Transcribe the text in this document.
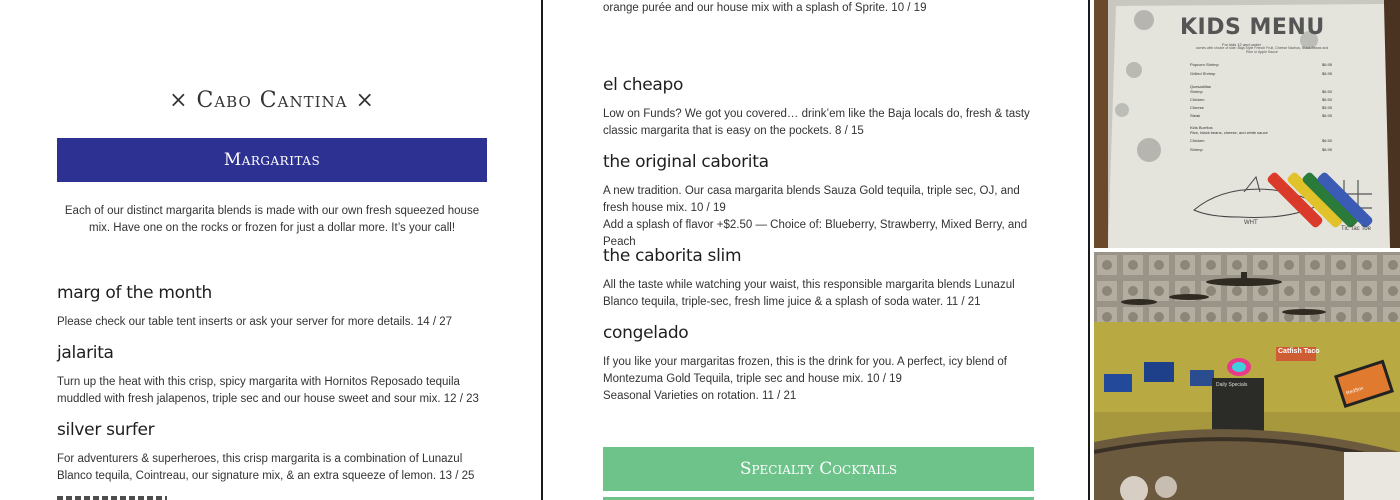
× Cabo Cantina ×
Margaritas
Each of our distinct margarita blends is made with our own fresh squeezed house mix. Have one on the rocks or frozen for just a dollar more. It’s your call!
marg of the month
Please check our table tent inserts or ask your server for more details. 14 / 27
jalarita
Turn up the heat with this crisp, spicy margarita with Hornitos Reposado tequila muddled with fresh jalapenos, triple sec and our house sweet and sour mix. 12 / 23
silver surfer
For adventurers & superheroes, this crisp margarita is a combination of Lunazul Blanco tequila, Cointreau, our signature mix, & an extra squeeze of lemon. 13 / 25
orange purée and our house mix with a splash of Sprite. 10 / 19
el cheapo
Low on Funds? We got you covered… drink’em like the Baja locals do, fresh & tasty classic margarita that is easy on the pockets. 8 / 15
the original caborita
A new tradition. Our casa margarita blends Sauza Gold tequila, triple sec, OJ, and fresh house mix. 10 / 19
Add a splash of flavor +$2.50 — Choice of: Blueberry, Strawberry, Mixed Berry, and Peach
the caborita slim
All the taste while watching your waist, this responsible margarita blends Lunazul Blanco tequila, triple-sec, fresh lime juice & a splash of soda water. 11 / 21
congelado
If you like your margaritas frozen, this is the drink for you. A perfect, icy blend of Montezuma Gold Tequila, triple sec and house mix. 10 / 19
Seasonal Varieties on rotation. 11 / 21
Specialty Cocktails
KIDS MENU
For kids 12 and under
comes with choice of side: Baja Style French Fruit, Cheese Nachos, Black Beans and Rice or Apple Sauce
Popcorn Shrimp	$6.95
Grilled Shrimp	$6.95
Quesadillas
Shrimp	$6.50
Chicken	$6.50
Cheese	$5.95
Steak	$6.95
Kids Burritos
Rice, black beans, cheese, and white sauce
Chicken	$6.50
Shrimp	$6.95
Tic Tac Toe
WHT
Catfish Taco
Daily Specials
RedSox
